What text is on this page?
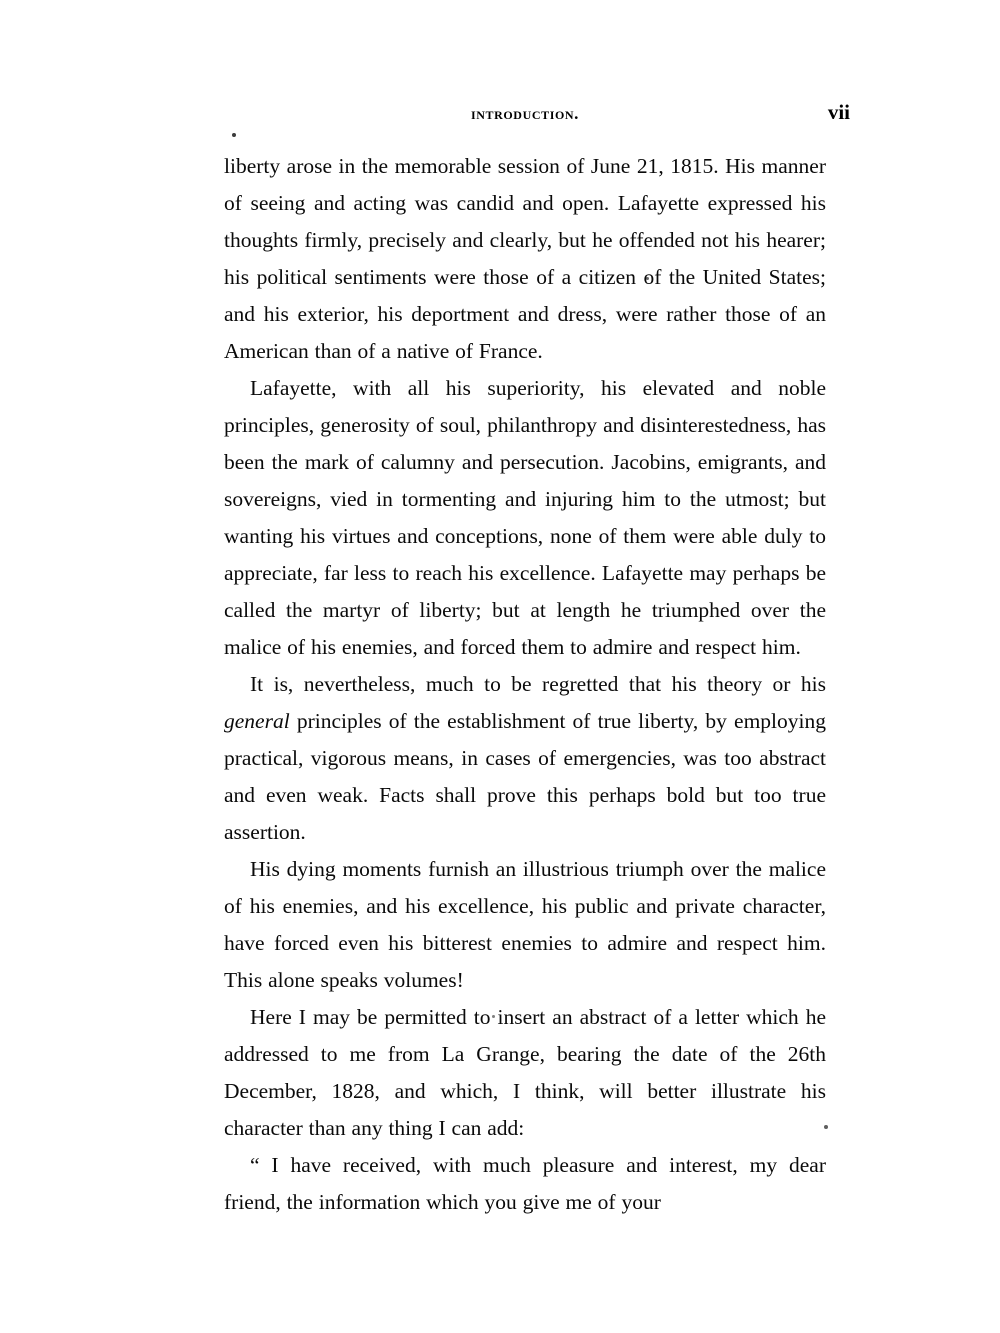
introduction.	vii

liberty arose in the memorable session of June 21, 1815. His manner of seeing and acting was candid and open. Lafayette expressed his thoughts firmly, precisely and clearly, but he offended not his hearer; his political sentiments were those of a citizen of the United States; and his exterior, his deportment and dress, were rather those of an American than of a native of France.

Lafayette, with all his superiority, his elevated and noble principles, generosity of soul, philanthropy and disinterestedness, has been the mark of calumny and persecution. Jacobins, emigrants, and sovereigns, vied in tormenting and injuring him to the utmost; but wanting his virtues and conceptions, none of them were able duly to appreciate, far less to reach his excellence. Lafayette may perhaps be called the martyr of liberty; but at length he triumphed over the malice of his enemies, and forced them to admire and respect him.

It is, nevertheless, much to be regretted that his theory or his general principles of the establishment of true liberty, by employing practical, vigorous means, in cases of emergencies, was too abstract and even weak. Facts shall prove this perhaps bold but too true assertion.

His dying moments furnish an illustrious triumph over the malice of his enemies, and his excellence, his public and private character, have forced even his bitterest enemies to admire and respect him. This alone speaks volumes!

Here I may be permitted to insert an abstract of a letter which he addressed to me from La Grange, bearing the date of the 26th December, 1828, and which, I think, will better illustrate his character than any thing I can add:

“ I have received, with much pleasure and interest, my dear friend, the information which you give me of your
